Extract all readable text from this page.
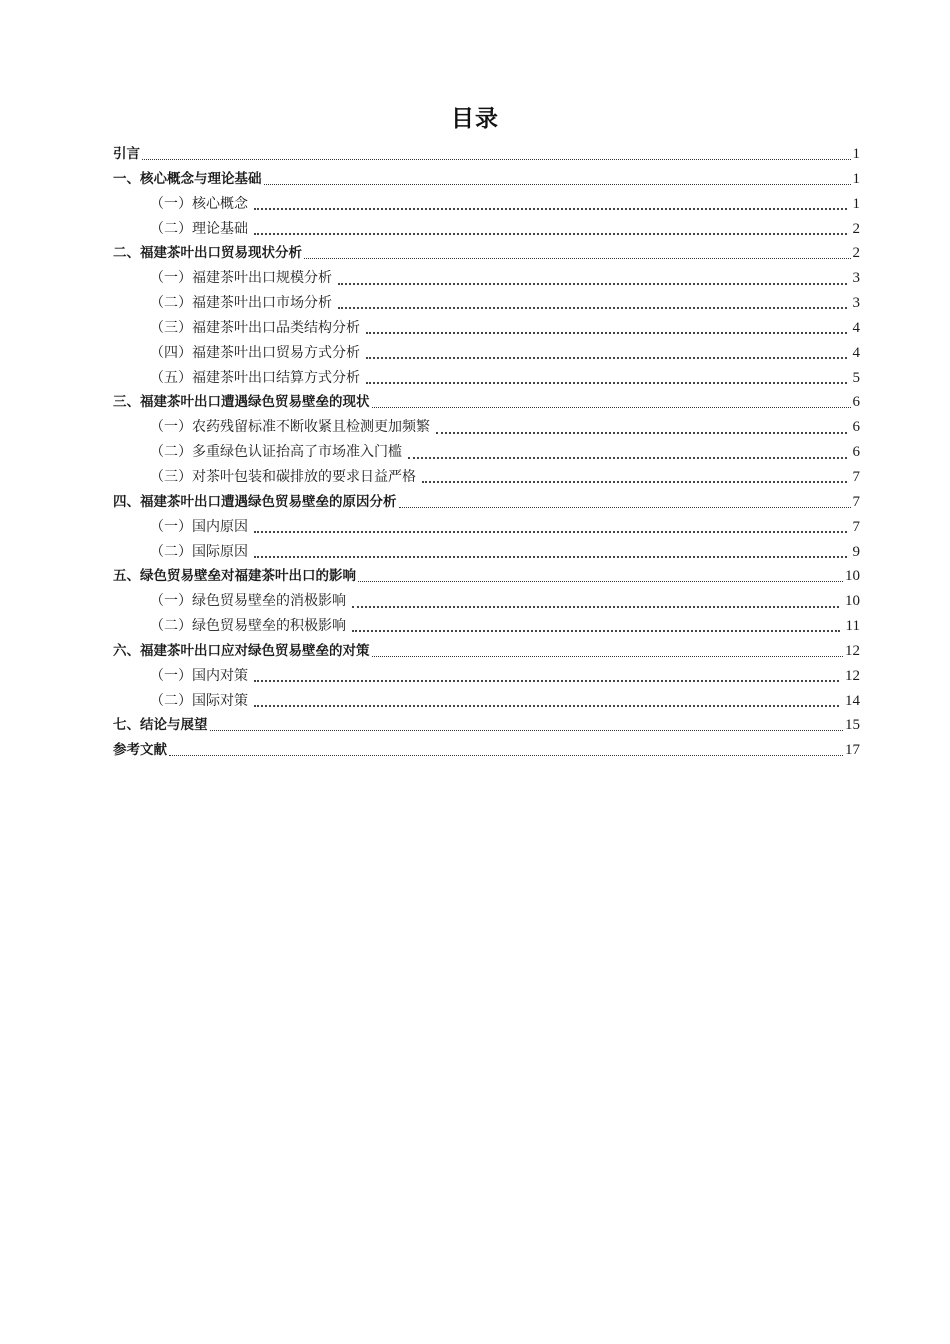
目录
引言	1
一、核心概念与理论基础	1
（一）核心概念	1
（二）理论基础	2
二、福建茶叶出口贸易现状分析	2
（一）福建茶叶出口规模分析	3
（二）福建茶叶出口市场分析	3
（三）福建茶叶出口品类结构分析	4
（四）福建茶叶出口贸易方式分析	4
（五）福建茶叶出口结算方式分析	5
三、福建茶叶出口遭遇绿色贸易壁垒的现状	6
（一）农药残留标准不断收紧且检测更加频繁	6
（二）多重绿色认证抬高了市场准入门槛	6
（三）对茶叶包装和碳排放的要求日益严格	7
四、福建茶叶出口遭遇绿色贸易壁垒的原因分析	7
（一）国内原因	7
（二）国际原因	9
五、绿色贸易壁垒对福建茶叶出口的影响	10
（一）绿色贸易壁垒的消极影响	10
（二）绿色贸易壁垒的积极影响	11
六、福建茶叶出口应对绿色贸易壁垒的对策	12
（一）国内对策	12
（二）国际对策	14
七、结论与展望	15
参考文献	17
